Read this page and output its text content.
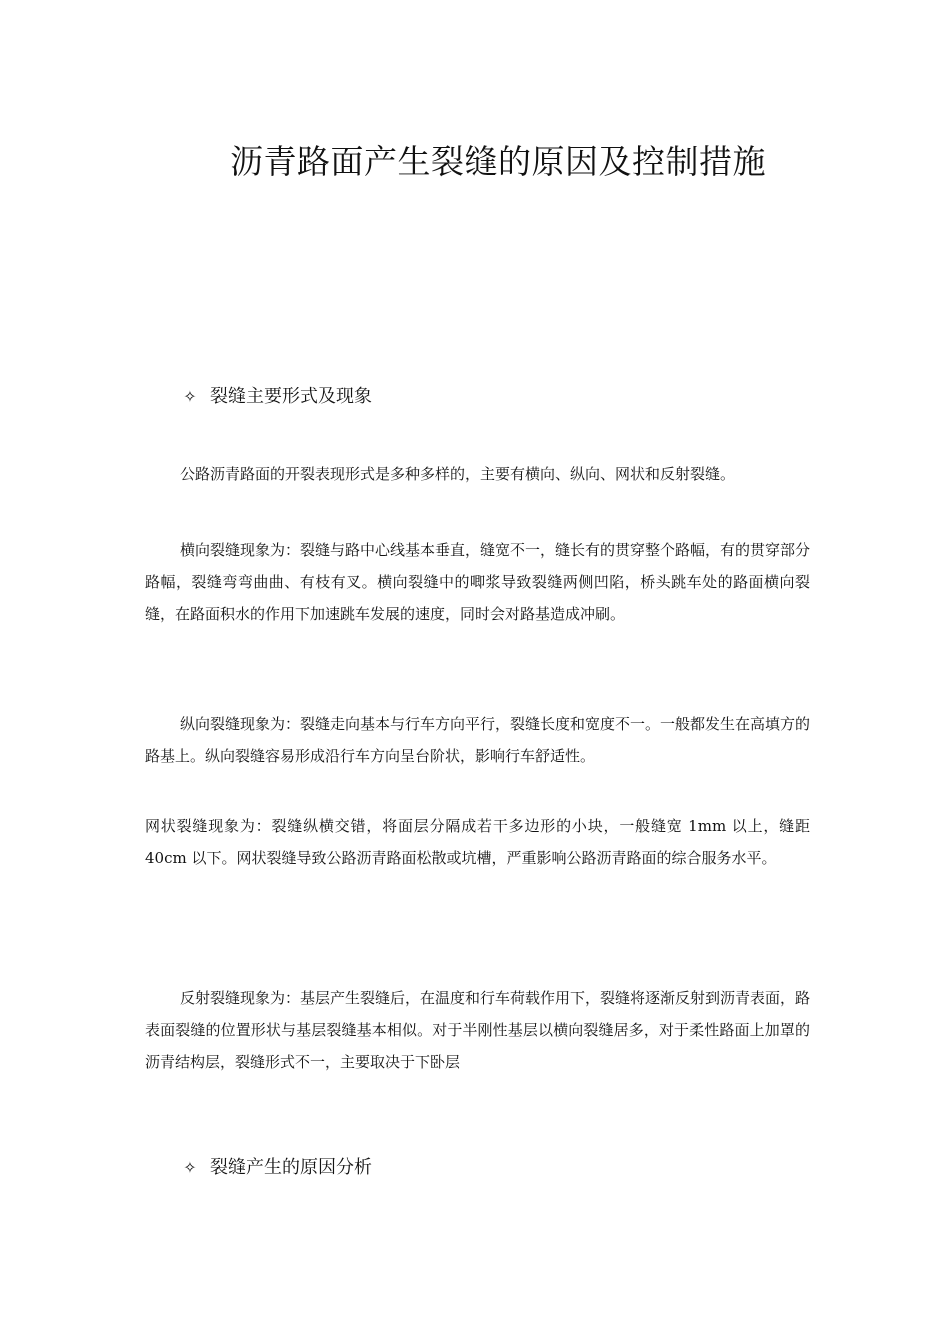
沥青路面产生裂缝的原因及控制措施
✧ 裂缝主要形式及现象
公路沥青路面的开裂表现形式是多种多样的，主要有横向、纵向、网状和反射裂缝。

横向裂缝现象为：裂缝与路中心线基本垂直，缝宽不一，缝长有的贯穿整个路幅，有的贯穿部分路幅，裂缝弯弯曲曲、有枝有叉。横向裂缝中的唧浆导致裂缝两侧凹陷，桥头跳车处的路面横向裂缝，在路面积水的作用下加速跳车发展的速度，同时会对路基造成冲刷。

纵向裂缝现象为：裂缝走向基本与行车方向平行，裂缝长度和宽度不一。一般都发生在高填方的路基上。纵向裂缝容易形成沿行车方向呈台阶状，影响行车舒适性。

网状裂缝现象为：裂缝纵横交错，将面层分隔成若干多边形的小块，一般缝宽 1mm 以上，缝距 40cm 以下。网状裂缝导致公路沥青路面松散或坑槽，严重影响公路沥青路面的综合服务水平。

反射裂缝现象为：基层产生裂缝后，在温度和行车荷载作用下，裂缝将逐渐反射到沥青表面，路表面裂缝的位置形状与基层裂缝基本相似。对于半刚性基层以横向裂缝居多，对于柔性路面上加罩的沥青结构层，裂缝形式不一，主要取决于下卧层

✧ 裂缝产生的原因分析
